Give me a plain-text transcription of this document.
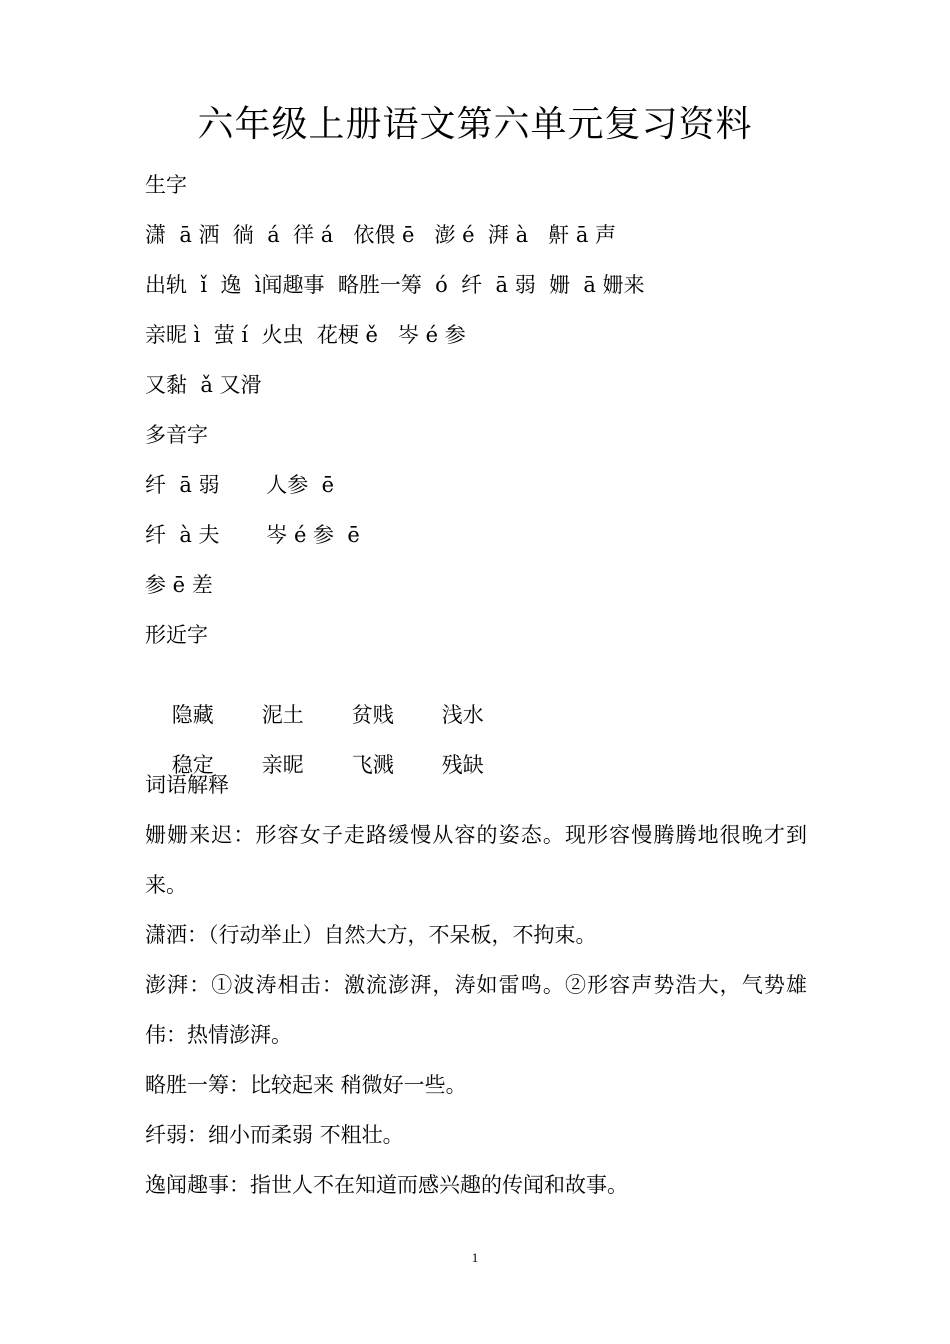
六年级上册语文第六单元复习资料
生字
潇  ā 洒  徜  á  徉 á   依偎 ē   澎 é  湃 à   鼾 ā 声
出轨  ǐ  逸  ì闻趣事  略胜一筹  ó  纤  ā 弱  姗  ā 姗来
亲昵 ì  萤 í  火虫  花梗 ě   岑 é 参
又黏  ǎ 又滑
多音字
纤  ā 弱       人参  ē
纤  à 夫       岑 é 参  ē
参 ē 差
形近字

隐藏 泥土 贫贱 浅水

稳定 亲昵 飞溅 残缺

词语解释
姗姗来迟：形容女子走路缓慢从容的姿态。现形容慢腾腾地很晚才到来。
潇洒：（行动举止）自然大方，不呆板，不拘束。
澎湃：①波涛相击：激流澎湃，涛如雷鸣。②形容声势浩大，气势雄伟：热情澎湃。
略胜一筹：比较起来 稍微好一些。
纤弱：细小而柔弱 不粗壮。
逸闻趣事：指世人不在知道而感兴趣的传闻和故事。
1
